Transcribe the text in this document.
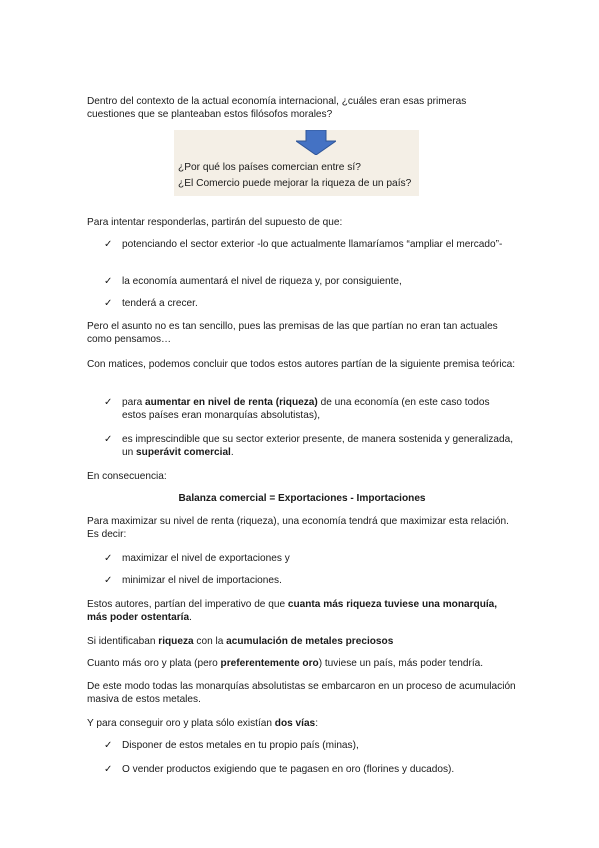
Dentro del contexto de la actual economía internacional, ¿cuáles eran esas primeras cuestiones que se planteaban estos filósofos morales?

¿Por qué los países comercian entre sí?
¿El Comercio puede mejorar la riqueza de un país?

Para intentar responderlas, partirán del supuesto de que:

✓ potenciando el sector exterior -lo que actualmente llamaríamos “ampliar el mercado”-
✓ la economía aumentará el nivel de riqueza y, por consiguiente,
✓ tenderá a crecer.

Pero el asunto no es tan sencillo, pues las premisas de las que partían no eran tan actuales como pensamos…

Con matices, podemos concluir que todos estos autores partían de la siguiente premisa teórica:

✓ para aumentar en nivel de renta (riqueza) de una economía (en este caso todos estos países eran monarquías absolutistas),
✓ es imprescindible que su sector exterior presente, de manera sostenida y generalizada, un superávit comercial.

En consecuencia:

Balanza comercial = Exportaciones - Importaciones

Para maximizar su nivel de renta (riqueza), una economía tendrá que maximizar esta relación. Es decir:

✓ maximizar el nivel de exportaciones y
✓ minimizar el nivel de importaciones.

Estos autores, partían del imperativo de que cuanta más riqueza tuviese una monarquía, más poder ostentaría.

Si identificaban riqueza con la acumulación de metales preciosos

Cuanto más oro y plata (pero preferentemente oro) tuviese un país, más poder tendría.

De este modo todas las monarquías absolutistas se embarcaron en un proceso de acumulación masiva de estos metales.

Y para conseguir oro y plata sólo existían dos vías:

✓ Disponer de estos metales en tu propio país (minas),
✓ O vender productos exigiendo que te pagasen en oro (florines y ducados).
